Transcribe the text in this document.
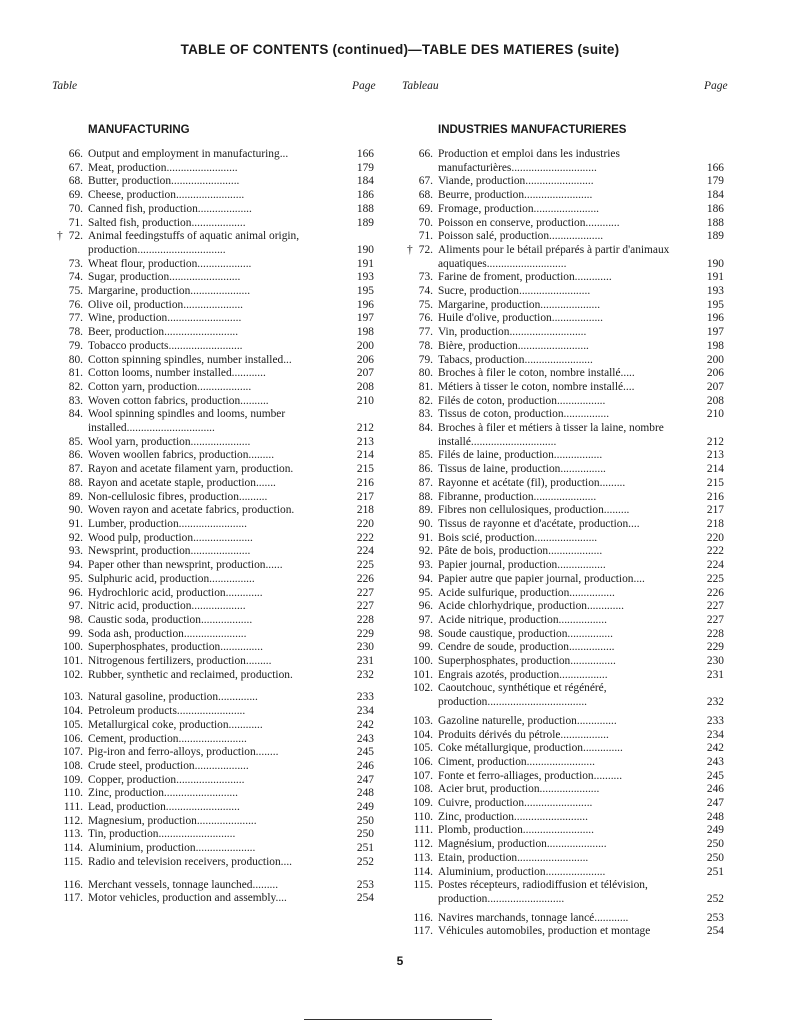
TABLE OF CONTENTS (continued)—TABLE DES MATIERES (suite)
Table	Page Tableau	Page
MANUFACTURING	INDUSTRIES MANUFACTURIERES
66. Output and employment in manufacturing...	166
67. Meat, production.........................	179
68. Butter, production........................	184
69. Cheese, production........................	186
70. Canned fish, production...................	188
71. Salted fish, production...................	189
† 72. Animal feedingstuffs of aquatic animal origin, production...............................	190
73. Wheat flour, production...................	191
74. Sugar, production.........................	193
75. Margarine, production.....................	195
76. Olive oil, production.....................	196
77. Wine, production..........................	197
78. Beer, production..........................	198
79. Tobacco products..........................	200
80. Cotton spinning spindles, number installed...	206
81. Cotton looms, number installed............	207
82. Cotton yarn, production...................	208
83. Woven cotton fabrics, production..........	210
84. Wool spinning spindles and looms, number installed...............................	212
85. Wool yarn, production.....................	213
86. Woven woollen fabrics, production.........	214
87. Rayon and acetate filament yarn, production.	215
88. Rayon and acetate staple, production.......	216
89. Non-cellulosic fibres, production..........	217
90. Woven rayon and acetate fabrics, production.	218
91. Lumber, production........................	220
92. Wood pulp, production.....................	222
93. Newsprint, production.....................	224
94. Paper other than newsprint, production......	225
95. Sulphuric acid, production................	226
96. Hydrochloric acid, production.............	227
97. Nitric acid, production...................	227
98. Caustic soda, production..................	228
99. Soda ash, production......................	229
100. Superphosphates, production...............	230
101. Nitrogenous fertilizers, production.........	231
102. Rubber, synthetic and reclaimed, production.	232
103. Natural gasoline, production..............	233
104. Petroleum products........................	234
105. Metallurgical coke, production............	242
106. Cement, production........................	243
107. Pig-iron and ferro-alloys, production........	245
108. Crude steel, production...................	246
109. Copper, production........................	247
110. Zinc, production..........................	248
111. Lead, production..........................	249
112. Magnesium, production.....................	250
113. Tin, production...........................	250
114. Aluminium, production.....................	251
115. Radio and television receivers, production....	252
116. Merchant vessels, tonnage launched.........	253
117. Motor vehicles, production and assembly....	254
66. Production et emploi dans les industries manufacturières..............................	166
67. Viande, production........................	179
68. Beurre, production........................	184
69. Fromage, production.......................	186
70. Poisson en conserve, production............	188
71. Poisson salé, production...................	189
† 72. Aliments pour le bétail préparés à partir d'animaux aquatiques............................	190
73. Farine de froment, production.............	191
74. Sucre, production.........................	193
75. Margarine, production.....................	195
76. Huile d'olive, production..................	196
77. Vin, production...........................	197
78. Bière, production.........................	198
79. Tabacs, production........................	200
80. Broches à filer le coton, nombre installé.....	206
81. Métiers à tisser le coton, nombre installé....	207
82. Filés de coton, production.................	208
83. Tissus de coton, production................	210
84. Broches à filer et métiers à tisser la laine, nombre installé..............................	212
85. Filés de laine, production.................	213
86. Tissus de laine, production................	214
87. Rayonne et acétate (fil), production.........	215
88. Fibranne, production......................	216
89. Fibres non cellulosiques, production.........	217
90. Tissus de rayonne et d'acétate, production....	218
91. Bois scié, production......................	220
92. Pâte de bois, production...................	222
93. Papier journal, production.................	224
94. Papier autre que papier journal, production....	225
95. Acide sulfurique, production................	226
96. Acide chlorhydrique, production.............	227
97. Acide nitrique, production.................	227
98. Soude caustique, production................	228
99. Cendre de soude, production................	229
100. Superphosphates, production................	230
101. Engrais azotés, production.................	231
102. Caoutchouc, synthétique et régénéré, production...................................	232
103. Gazoline naturelle, production..............	233
104. Produits dérivés du pétrole.................	234
105. Coke métallurgique, production..............	242
106. Ciment, production........................	243
107. Fonte et ferro-alliages, production..........	245
108. Acier brut, production.....................	246
109. Cuivre, production........................	247
110. Zinc, production..........................	248
111. Plomb, production.........................	249
112. Magnésium, production.....................	250
113. Etain, production.........................	250
114. Aluminium, production.....................	251
115. Postes récepteurs, radiodiffusion et télévision, production...........................	252
116. Navires marchands, tonnage lancé............	253
117. Véhicules automobiles, production et montage	254
5
